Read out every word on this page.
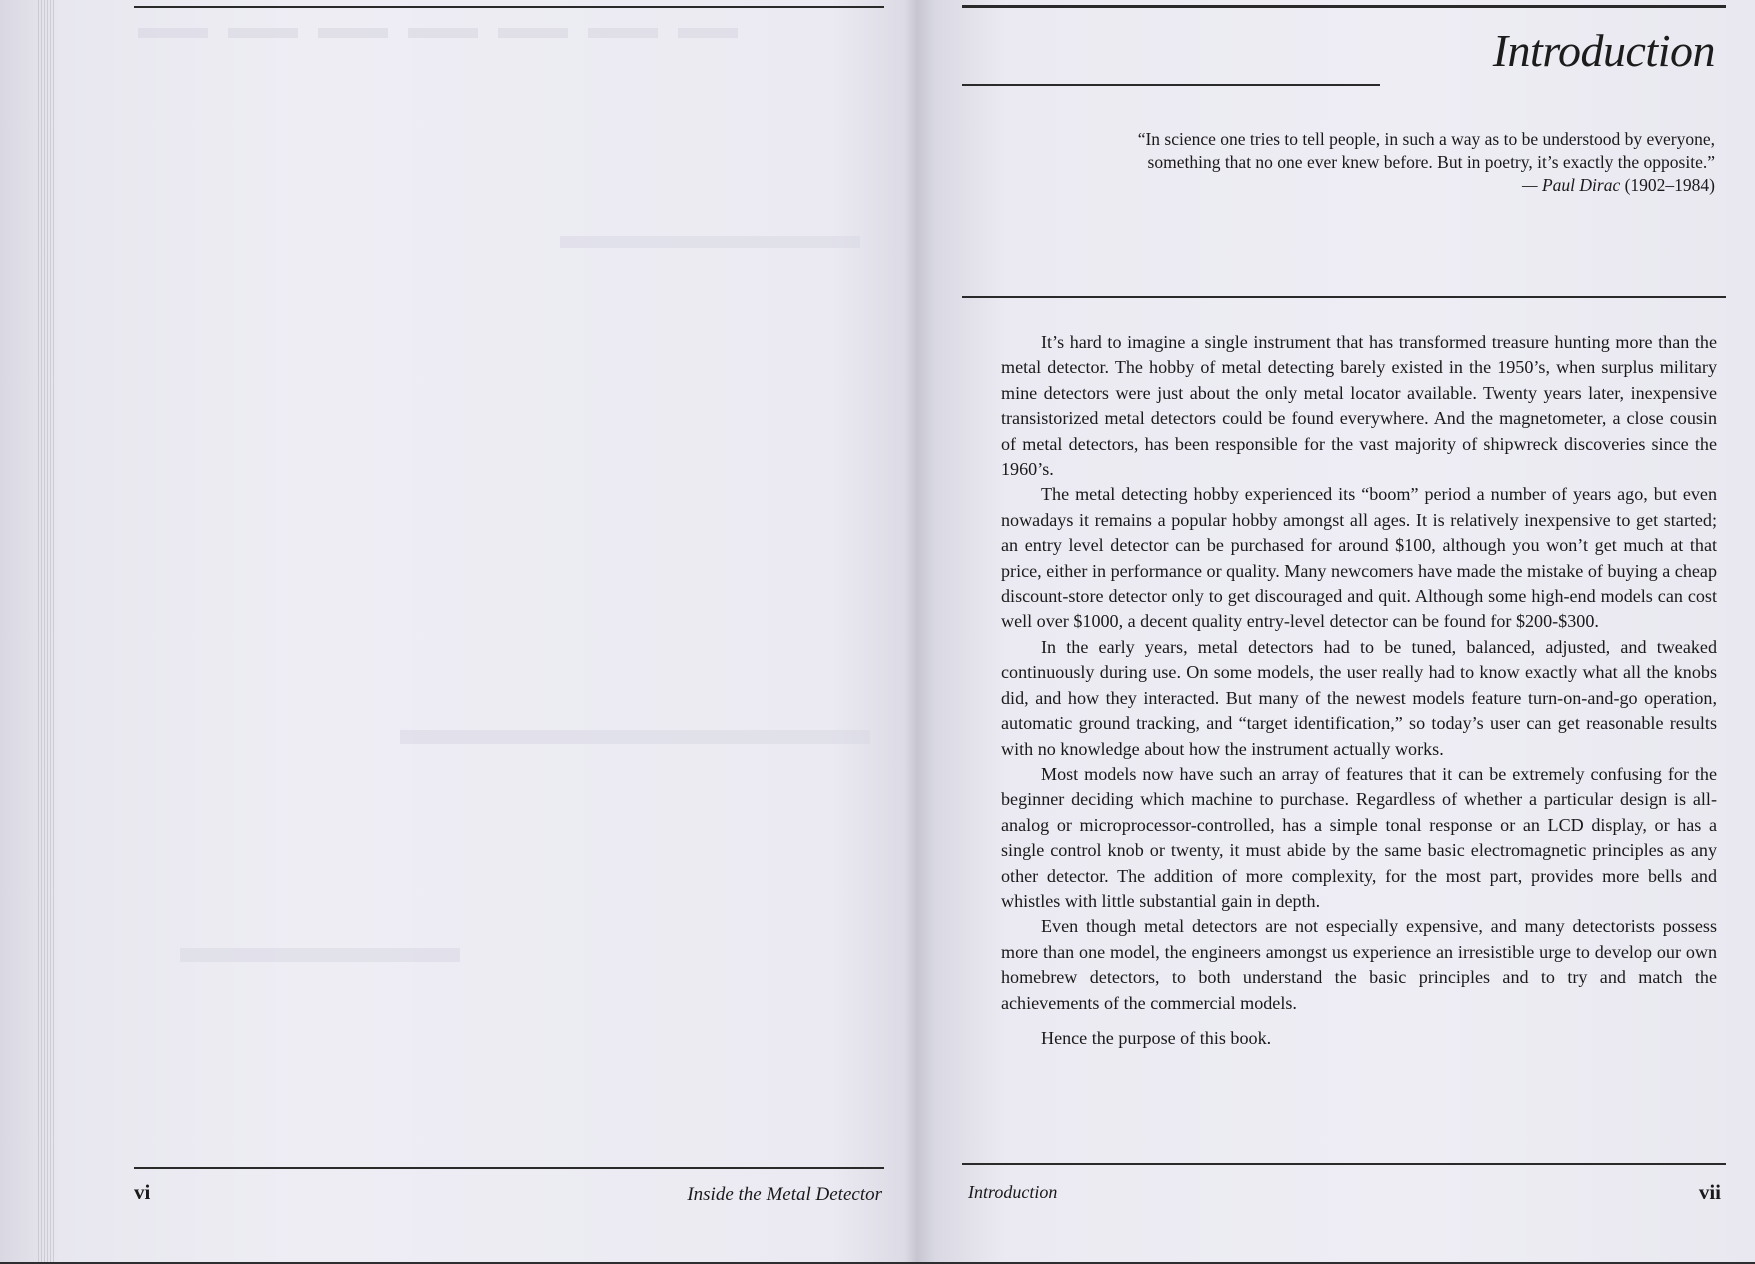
vi	Inside the Metal Detector
Introduction
“In science one tries to tell people, in such a way as to be understood by everyone,
something that no one ever knew before. But in poetry, it’s exactly the opposite.”
— Paul Dirac (1902–1984)
Introduction	vii

It’s hard to imagine a single instrument that has transformed treasure hunting more than the metal detector. The hobby of metal detecting barely existed in the 1950’s, when surplus military mine detectors were just about the only metal locator available. Twenty years later, inexpensive transistorized metal detectors could be found everywhere. And the magnetometer, a close cousin of metal detectors, has been responsible for the vast majority of shipwreck discoveries since the 1960’s.

The metal detecting hobby experienced its “boom” period a number of years ago, but even nowadays it remains a popular hobby amongst all ages. It is relatively inexpensive to get started; an entry level detector can be purchased for around $100, although you won’t get much at that price, either in performance or quality. Many newcomers have made the mistake of buying a cheap discount-store detector only to get discouraged and quit. Although some high-end models can cost well over $1000, a decent quality entry-level detector can be found for $200-$300.

In the early years, metal detectors had to be tuned, balanced, adjusted, and tweaked continuously during use. On some models, the user really had to know exactly what all the knobs did, and how they interacted. But many of the newest models feature turn-on-and-go operation, automatic ground tracking, and “target identification,” so today’s user can get reasonable results with no knowledge about how the instrument actually works.

Most models now have such an array of features that it can be extremely confusing for the beginner deciding which machine to purchase. Regardless of whether a particular design is all-analog or microprocessor-controlled, has a simple tonal response or an LCD display, or has a single control knob or twenty, it must abide by the same basic electromagnetic principles as any other detector. The addition of more complexity, for the most part, provides more bells and whistles with little substantial gain in depth.

Even though metal detectors are not especially expensive, and many detectorists possess more than one model, the engineers amongst us experience an irresistible urge to develop our own homebrew detectors, to both understand the basic principles and to try and match the achievements of the commercial models.

Hence the purpose of this book.
